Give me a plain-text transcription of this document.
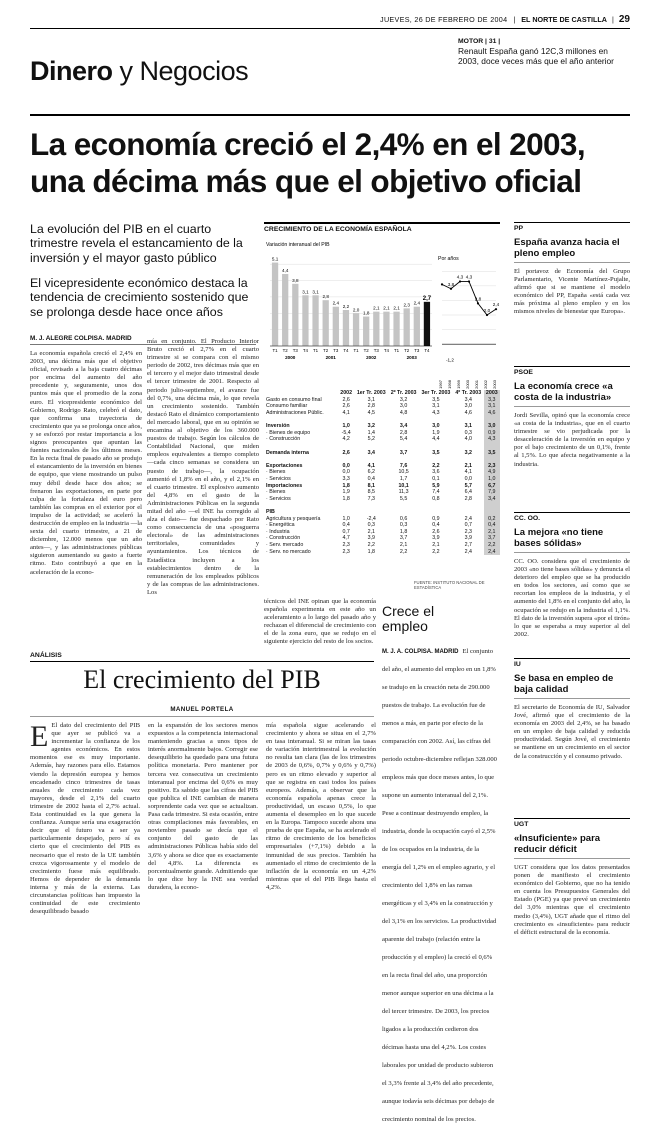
JUEVES, 26 DE FEBRERO DE 2004 | EL NORTE DE CASTILLA | 29
Dinero y Negocios
MOTOR | 31 |
Renault España ganó 12C,3 millones en 2003, doce veces más que el año anterior
La economía creció el 2,4% en el 2003,
una décima más que el objetivo oficial
La evolución del PIB en el cuarto trimestre revela el estancamiento de la inversión y el mayor gasto público
El vicepresidente económico destaca la tendencia de crecimiento sostenido que se prolonga desde hace once años
M. J. ALEGRE COLPISA. MADRID
La economía española creció el 2,4% en 2003, una décima más que el objetivo oficial, revisado a la baja cuatro décimas por encima del aumento del año precedente y, seguramente, unos dos puntos más que el promedio de la zona euro. El vicepresidente económico del Gobierno, Rodrigo Rato, celebró el dato, que confirma una trayectoria de crecimiento que ya se prolonga once años, y se esforzó por restar importancia a los signos preocupantes que apuntan las fuentes nacionales de los últimos meses. En la recta final de pasado año se produjo el estancamiento de la inversión en bienes de equipo, que viene mostrando un pulso muy débil desde hace dos años; se frenaron las exportaciones, en parte por culpa de la fortaleza del euro pero también las compras en el exterior por el impulso de la actividad; se aceleró la destrucción de empleo en la industria —la sexta del cuarto trimestre, a 21 de diciembre, 12.000 menos que un año antes—, y las administraciones públicas siguieron aumentando su gasto a fuerte ritmo. Esto contribuyó a que en la aceleración de la econo-
mía en conjunto. El Producto Interior Bruto creció el 2,7% en el cuarto trimestre si se compara con el mismo periodo de 2002, tres décimas más que en el tercero y el mejor dato trimestral desde el tercer trimestre de 2001. Respecto al periodo julio-septiembre, el avance fue del 0,7%, una décima más, lo que revela un crecimiento sostenido. También destacó Rato el dinámico comportamiento del mercado laboral, que en su opinión se encamina al objetivo de los 360.000 puestos de trabajo. Según los cálculos de Contabilidad Nacional, que miden empleos equivalentes a tiempo completo —cada cinco semanas se considera un puesto de trabajo—, la ocupación aumentó el 1,8% en el año, y el 2,1% en el cuarto trimestre. El explosivo aumento del 4,8% en el gasto de la Administraciones Públicas en la segunda mitad del año —el INE ha corregido al alza el dato— fue despachado por Rato como consecuencia de una «posguerra electoral» de las administraciones territoriales, comunidades y ayuntamientos. Los técnicos de Estadística incluyen a los establecimientos dentro de la remuneración de los empleados públicos y de las compras de las administraciones. Los
técnicos del INE opinan que la economía española experimenta en este año un aceleramiento a lo largo del pasado año y rechazan el diferencial de crecimiento con el de la zona euro, que se redujo en el siguiente ejercicio del resto de los socios.
CRECIMIENTO DE LA ECONOMÍA ESPAÑOLA
Variación interanual del PIB
5,1
T1
4,4
T2
3,8
T3
3,1
T4
3,1
T1
2,8
T2
2,4
T3
2,2
T4
2,0
T1
1,8
T2
2,1
T3
2,1
T4
2,1
T1
2,3
T2
2,4
T3
2,7
T4
2000	2001	2002	2003
Por años
1997
3,8
1998
4,3
1999
4,3
2000
2,8
2001
2,0
2002
2,4
2003
-1,2
	2002	1er Tr. 2003	2º Tr. 2003	3er Tr. 2003	4º Tr. 2003	2003
Gasto en consumo final	2,6	3,1	3,2	3,5	3,4	3,3
Consumo familiar	2,6	2,8	3,0	3,1	3,0	3,1
Administraciones Públic.	4,1	4,5	4,8	4,3	4,6	4,6

Inversión	1,0	3,2	3,4	3,0	3,1	3,0
· Bienes de equipo	-5,4	1,4	2,8	1,9	0,3	0,9
· Construcción	4,2	5,2	5,4	4,4	4,0	4,3

Demanda interna	2,6	3,4	3,7	3,5	3,2	3,5

Exportaciones	0,0	4,1	7,6	2,2	2,1	2,3
· Bienes	0,0	6,2	10,5	3,6	4,1	4,9
· Servicios	3,3	0,4	1,7	0,1	0,0	1,0
Importaciones	1,8	8,1	10,1	5,9	5,7	6,7
· Bienes	1,9	8,5	11,3	7,4	6,4	7,9
· Servicios	1,8	7,3	5,5	0,8	2,8	3,4

PIB						
Agricultura y pesquería	1,0	-2,4	0,6	0,9	2,4	0,2
· Energética	0,4	0,3	0,3	0,4	0,7	0,4
· Industria	0,7	2,1	1,8	2,6	2,3	2,1
· Construcción	4,7	3,9	3,7	3,9	3,9	3,7
· Serv. mercado	2,3	2,2	2,1	2,1	2,7	2,2
· Serv. no mercado	2,3	1,8	2,2	2,2	2,4	2,4
FUENTE: INSTITUTO NACIONAL DE ESTADÍSTICA
Crece el empleo
M. J. A. COLPISA. MADRID El conjunto del año, el aumento del empleo en un 1,8% se tradujo en la creación neta de 290.000 puestos de trabajo. La evolución fue de menos a más, en parte por efecto de la comparación con 2002. Así, las cifras del periodo octubre-diciembre reflejan 328.000 empleos más que doce meses antes, lo que supone un aumento interanual del 2,1%. Pese a continuar destruyendo empleo, la industria, donde la ocupación cayó el 2,5% de los ocupados en la industria, de la energía del 1,2% en el empleo agrario, y el crecimiento del 1,8% en las ramas energéticas y el 3,4% en la construcción y del 3,1% en los servicios. La productividad aparente del trabajo (relación entre la producción y el empleo) la creció el 0,6% en la recta final del año, una proporción menor aunque superior en una décima a la del tercer trimestre. De 2003, los precios ligados a la producción cedieron dos décimas hasta una del 4,2%. Los costes laborales por unidad de producto subieron el 3,3% frente al 3,4% del año precedente, aunque todavía seis décimas por debajo de crecimiento nominal de los precios.
ANÁLISIS
El crecimiento del PIB
MANUEL PORTELA
E El dato del crecimiento del PIB que ayer se publicó va a incrementar la confianza de los agentes económicos. En estos momentos ese es muy importante. Además, hay razones para ello. Estamos viendo la depresión europea y hemos encadenado cinco trimestres de tasas anuales de crecimiento cada vez mayores, desde el 2,1% del cuarto trimestre de 2002 hasta el 2,7% actual. Esta continuidad es la que genera la confianza. Aunque sería una exageración decir que el futuro va a ser ya particularmente despejado, pero sí es cierto que el crecimiento del PIB es necesario que el resto de la UE también crezca vigorosamente y el modelo de crecimiento fuese más equilibrado. Hemos de depender de la demanda interna y más de la externa. Las circunstancias políticas han impuesto la continuidad de este crecimiento desequilibrado basado
en la expansión de los sectores menos expuestos a la competencia internacional manteniendo gracias a unos tipos de interés anormalmente bajos. Corregir ese desequilibrio ha quedado para una futura política monetaria. Pero mantener por tercera vez consecutiva un crecimiento interanual por encima del 0,6% es muy positivo. Es sabido que las cifras del PIB que publica el INE cambian de manera sorprendente cada vez que se actualizan. Pasa cada trimestre. Si esta ocasión, entre otras compilaciones más favorables, en noviembre pasado se decía que el conjunto del gasto de las administraciones Públicas había sido del 3,6% y ahora se dice que es exactamente del 4,8%. La diferencia es porcentualmente grande. Admitiendo que lo que dice hoy la INE sea verdad duradera, la econo-
mía española sigue acelerando el crecimiento y ahora se situa en el 2,7% en tasa interanual. Si se miran las tasas de variación intertrimestral la evolución no resulta tan clara (las de los trimestres de 2003 de 0,6%, 0,7% y 0,6% y 0,7%) pero es un ritmo elevado y superior al que se registra en casi todos los países europeos. Además, a observar que la economía española apenas crece la productividad, un escaso 0,5%, lo que aumenta el desempleo en lo que sucede en la Europa. Tampoco sucede ahora una prueba de que España, se ha acelerado el ritmo de crecimiento de los beneficios empresariales (+7,1%) debido a la inmunidad de sus precios. También ha aumentado el ritmo de crecimiento de la inflación de la economía en un 4,2% mientras que el del PIB llega hasta el 4,2%.
PP
España avanza hacia el pleno empleo
El portavoz de Economía del Grupo Parlamentario, Vicente Martínez-Pujalte, afirmó que si se mantiene el modelo económico del PP, España «está cada vez más próxima al pleno empleo y en los mismos niveles de bienestar que Europa».
PSOE
La economía crece «a costa de la industria»
Jordi Sevilla, opinó que la economía crece «a costa de la industria», que en el cuarto trimestre se vio perjudicada por la desaceleración de la inversión en equipo y por el bajo crecimiento de un 0,1%, frente al 1,5%. Lo que afecta negativamente a la industria.
CC. OO.
La mejora «no tiene bases sólidas»
CC. OO. considera que el crecimiento de 2003 «no tiene bases sólidas» y denuncia el deterioro del empleo que se ha producido en todos los sectores, así como que se recortan los empleos de la industria, y el aumento del 1,8% en el conjunto del año, la ocupación se redujo en la industria el 1,1%. El dato de la inversión supera «por el tirón» lo que se esperaba a muy superior al del 2002.
IU
Se basa en empleo de baja calidad
El secretario de Economía de IU, Salvador Jové, afirmó que el crecimiento de la economía en 2003 del 2,4%, se ha basado en un empleo de baja calidad y reducida productividad. Según Jové, el crecimiento se mantiene en un crecimiento en el sector de la construcción y el consumo privado.
UGT
«Insuficiente» para reducir déficit
UGT considera que los datos presentados ponen de manifiesto el crecimiento económico del Gobierno, que no ha tenido en cuenta los Presupuestos Generales del Estado (PGE) ya que prevé un crecimiento del 3,0% mientras que el crecimiento medio (3,4%), UGT añade que el ritmo del crecimiento es «insuficiente» para reducir el déficit estructural de la economía.
